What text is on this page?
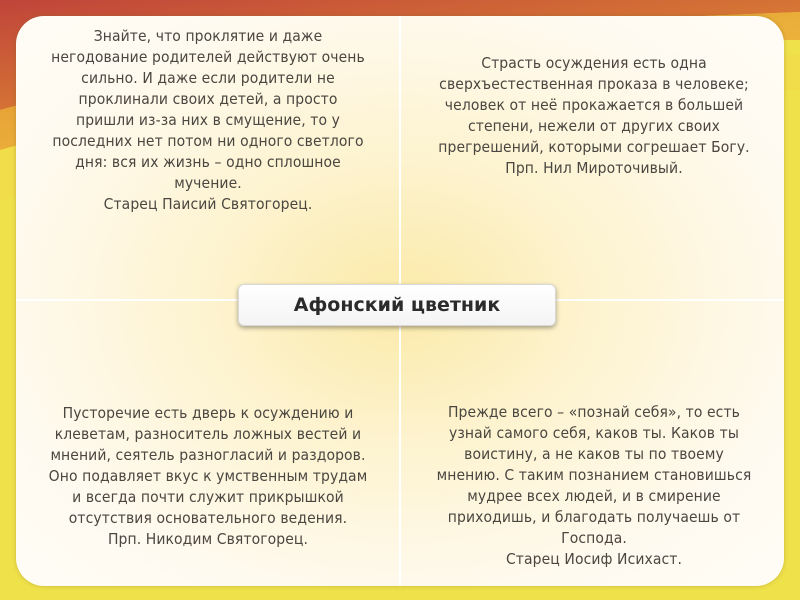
Знайте, что проклятие и даже
негодование родителей действуют очень
сильно. И даже если родители не
проклинали своих детей, а просто
пришли из-за них в смущение, то у
последних нет потом ни одного светлого
дня: вся их жизнь – одно сплошное
мучение.
Старец Паисий Святогорец.

Страсть осуждения есть одна
сверхъестественная проказа в человеке;
человек от неё прокажается в большей
степени, нежели от других своих
прегрешений, которыми согрешает Богу.
Прп. Нил Мироточивый.

Пусторечие есть дверь к осуждению и
клеветам, разноситель ложных вестей и
мнений, сеятель разногласий и раздоров.
Оно подавляет вкус к умственным трудам
и всегда почти служит прикрышкой
отсутствия основательного ведения.
Прп. Никодим Святогорец.

Прежде всего – «познай себя», то есть
узнай самого себя, каков ты. Каков ты
воистину, а не каков ты по твоему
мнению. С таким познанием становишься
мудрее всех людей, и в смирение
приходишь, и благодать получаешь от
Господа.
Старец Иосиф Исихаст.

Афонский цветник
